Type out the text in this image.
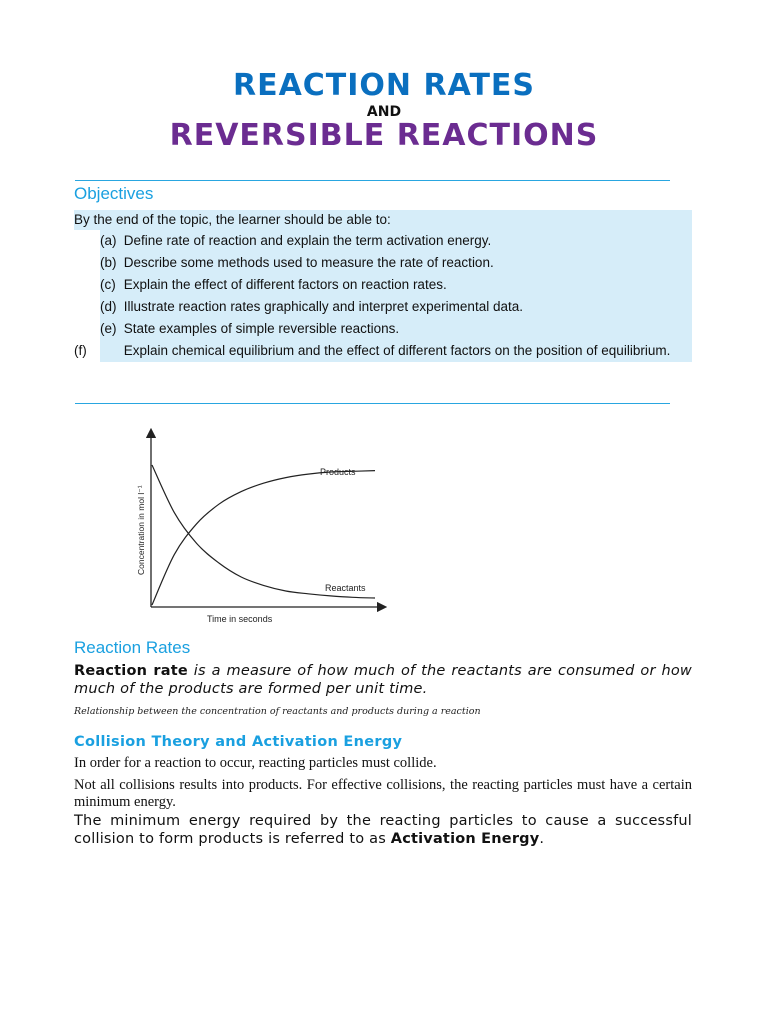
REACTION RATES
AND
REVERSIBLE REACTIONS
Objectives
By the end of the topic, the learner should be able to:
(a) Define rate of reaction and explain the term activation energy.
(b) Describe some methods used to measure the rate of reaction.
(c) Explain the effect of different factors on reaction rates.
(d) Illustrate reaction rates graphically and interpret experimental data.
(e) State examples of simple reversible reactions.
(f)	Explain chemical equilibrium and the effect of different factors on the position of equilibrium.
Products
Reactants
Time in seconds
Concentration in mol l⁻¹
Reaction Rates

Reaction rate is a measure of how much of the reactants are consumed or how much of the products are formed per unit time.

Relationship between the concentration of reactants and products during a reaction

Collision Theory and Activation Energy

In order for a reaction to occur, reacting particles must collide.

Not all collisions results into products. For effective collisions, the reacting particles must have a certain minimum energy.

The minimum energy required by the reacting particles to cause a successful collision to form products is referred to as Activation Energy.
